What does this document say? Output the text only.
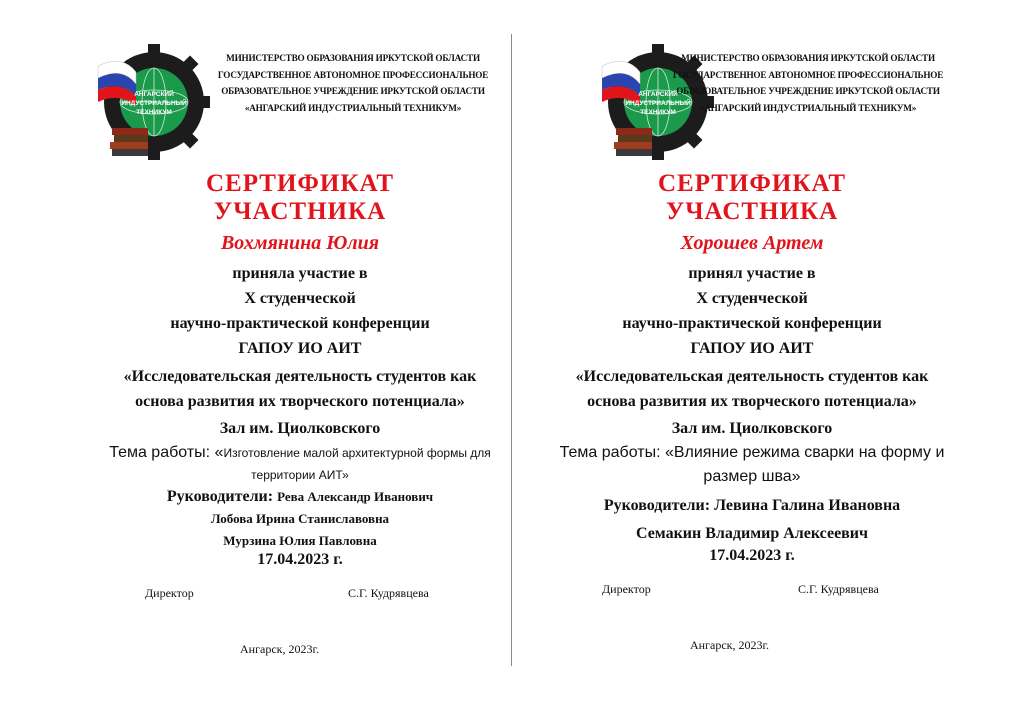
АНГАРСКИЙ
ИНДУСТРИАЛЬНЫЙ
ТЕХНИКУМ
МИНИСТЕРСТВО ОБРАЗОВАНИЯ ИРКУТСКОЙ ОБЛАСТИ
ГОСУДАРСТВЕННОЕ АВТОНОМНОЕ ПРОФЕССИОНАЛЬНОЕ
ОБРАЗОВАТЕЛЬНОЕ УЧРЕЖДЕНИЕ ИРКУТСКОЙ ОБЛАСТИ
«АНГАРСКИЙ ИНДУСТРИАЛЬНЫЙ ТЕХНИКУМ»
СЕРТИФИКАТ
УЧАСТНИКА
Вохмянина Юлия
приняла участие в
X студенческой
научно-практической конференции
ГАПОУ ИО АИТ
«Исследовательская деятельность студентов как
основа развития их творческого потенциала»
Зал им. Циолковского
Тема работы: «Изготовление малой архитектурной формы для
территории АИТ»
Руководители: Рева Александр Иванович
Лобова Ирина Станиславовна
Мурзина Юлия Павловна
17.04.2023 г.
Директор	С.Г. Кудрявцева
Ангарск, 2023г.
АНГАРСКИЙ
ИНДУСТРИАЛЬНЫЙ
ТЕХНИКУМ
МИНИСТЕРСТВО ОБРАЗОВАНИЯ ИРКУТСКОЙ ОБЛАСТИ
ГОСУДАРСТВЕННОЕ АВТОНОМНОЕ ПРОФЕССИОНАЛЬНОЕ
ОБРАЗОВАТЕЛЬНОЕ УЧРЕЖДЕНИЕ ИРКУТСКОЙ ОБЛАСТИ
«АНГАРСКИЙ ИНДУСТРИАЛЬНЫЙ ТЕХНИКУМ»
СЕРТИФИКАТ
УЧАСТНИКА
Хорошев Артем
принял участие в
X студенческой
научно-практической конференции
ГАПОУ ИО АИТ
«Исследовательская деятельность студентов как
основа развития их творческого потенциала»
Зал им. Циолковского
Тема работы: «Влияние режима сварки на форму и
размер шва»
Руководители: Левина Галина Ивановна
Семакин Владимир Алексеевич
17.04.2023 г.
Директор	С.Г. Кудрявцева
Ангарск, 2023г.
